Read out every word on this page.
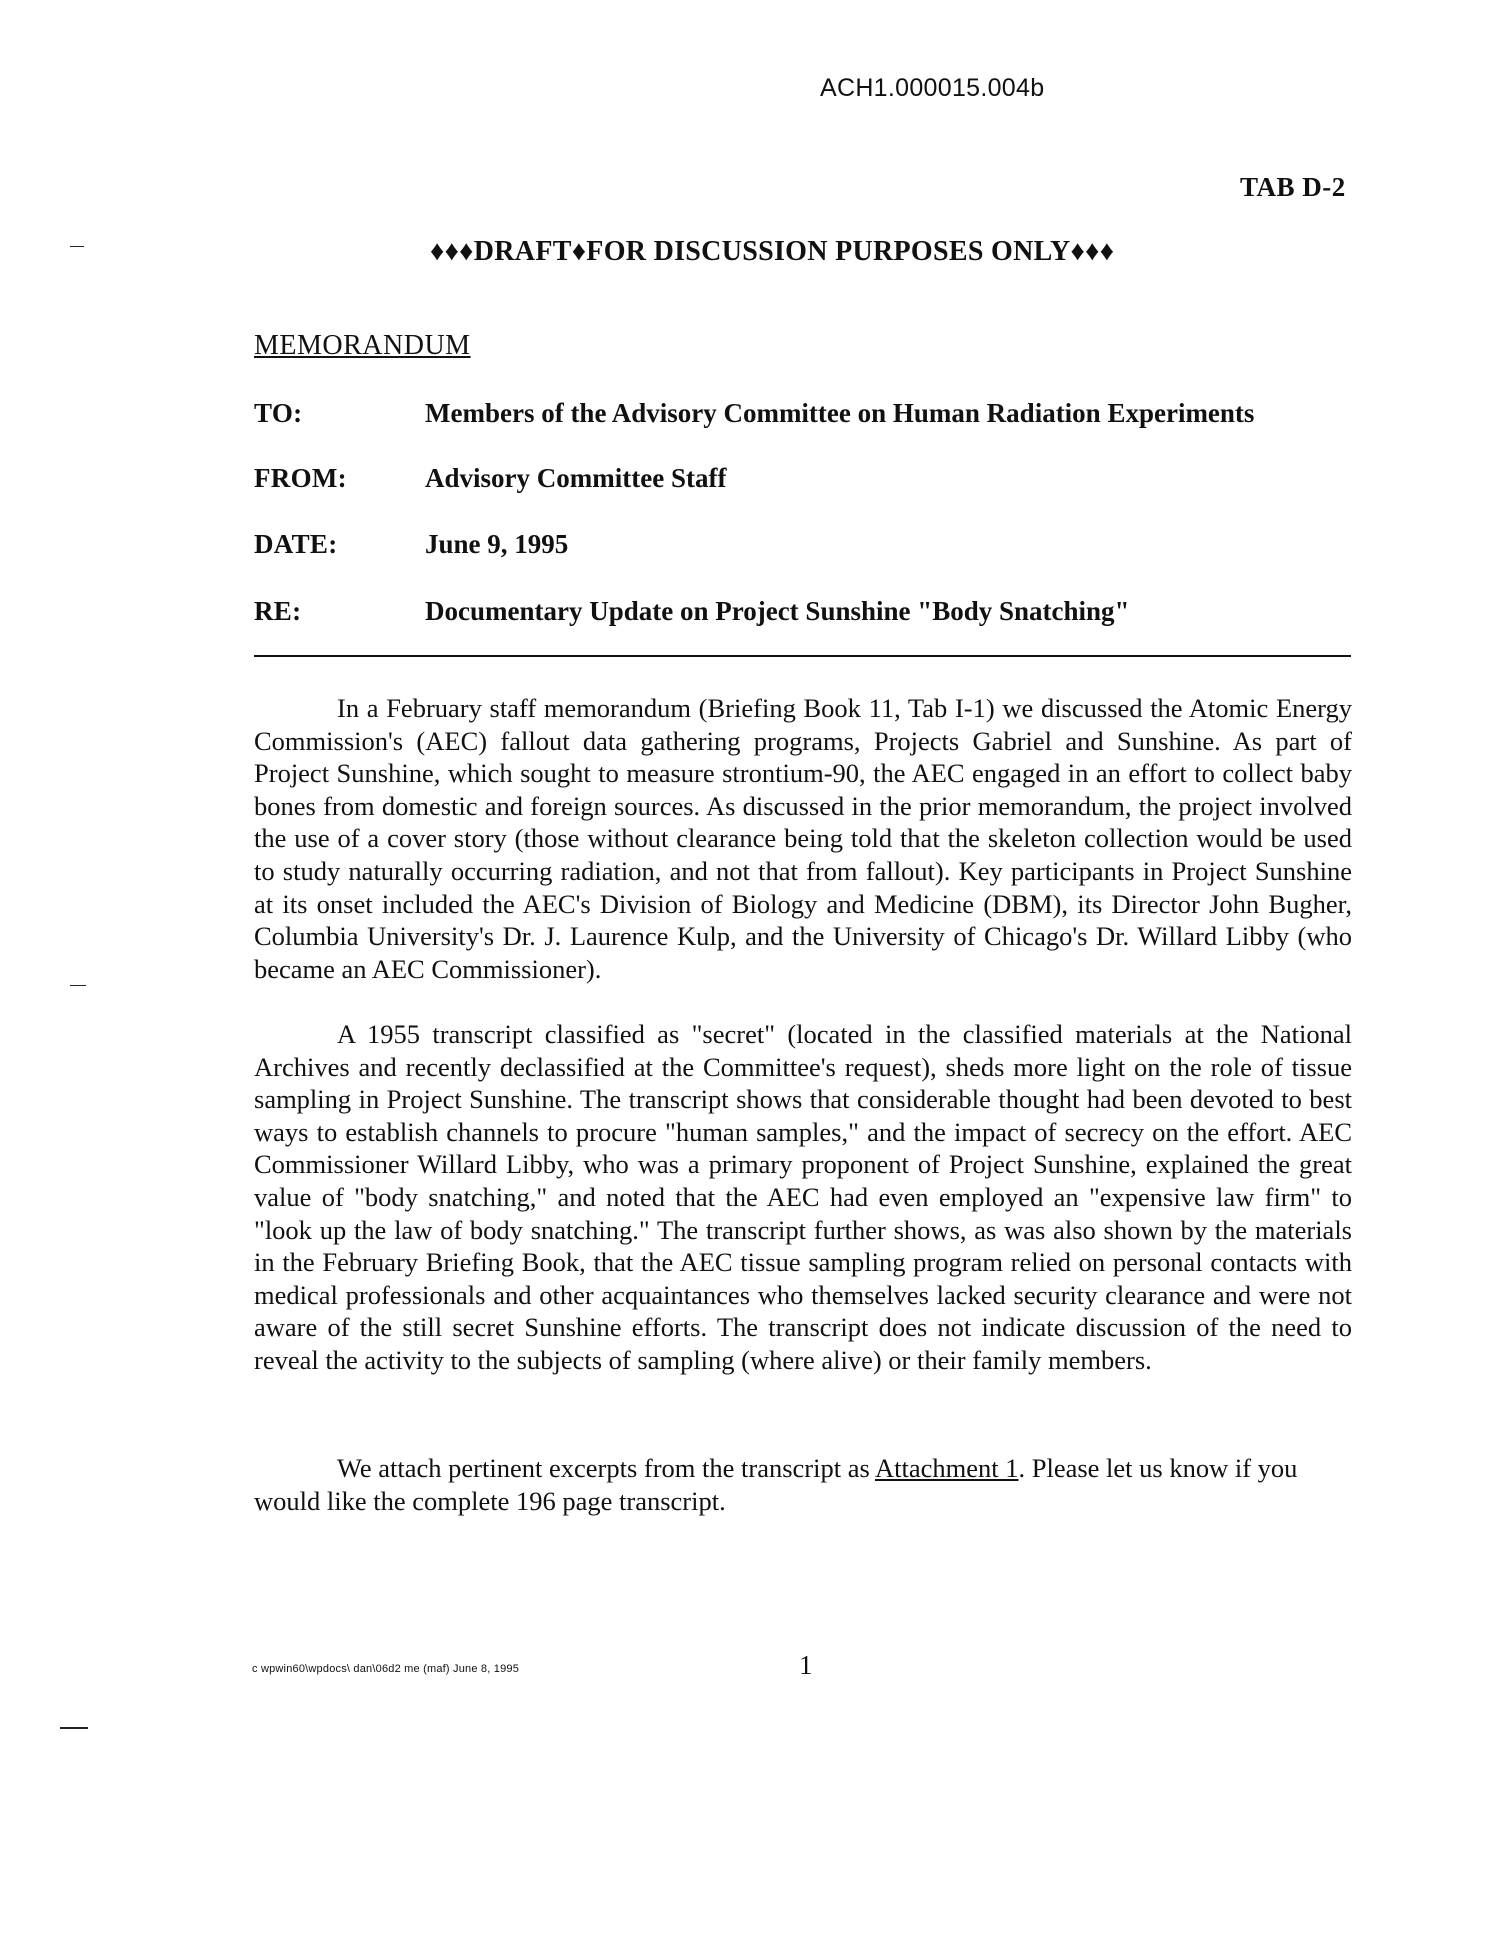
ACH1.000015.004b
TAB D-2
♦♦♦DRAFT♦FOR DISCUSSION PURPOSES ONLY♦♦♦
MEMORANDUM
TO:	Members of the Advisory Committee on Human Radiation Experiments
FROM:	Advisory Committee Staff
DATE:	June 9, 1995
RE:	Documentary Update on Project Sunshine "Body Snatching"

In a February staff memorandum (Briefing Book 11, Tab I-1) we discussed the Atomic Energy Commission's (AEC) fallout data gathering programs, Projects Gabriel and Sunshine. As part of Project Sunshine, which sought to measure strontium-90, the AEC engaged in an effort to collect baby bones from domestic and foreign sources. As discussed in the prior memorandum, the project involved the use of a cover story (those without clearance being told that the skeleton collection would be used to study naturally occurring radiation, and not that from fallout). Key participants in Project Sunshine at its onset included the AEC's Division of Biology and Medicine (DBM), its Director John Bugher, Columbia University's Dr. J. Laurence Kulp, and the University of Chicago's Dr. Willard Libby (who became an AEC Commissioner).

A 1955 transcript classified as "secret" (located in the classified materials at the National Archives and recently declassified at the Committee's request), sheds more light on the role of tissue sampling in Project Sunshine. The transcript shows that considerable thought had been devoted to best ways to establish channels to procure "human samples," and the impact of secrecy on the effort. AEC Commissioner Willard Libby, who was a primary proponent of Project Sunshine, explained the great value of "body snatching," and noted that the AEC had even employed an "expensive law firm" to "look up the law of body snatching." The transcript further shows, as was also shown by the materials in the February Briefing Book, that the AEC tissue sampling program relied on personal contacts with medical professionals and other acquaintances who themselves lacked security clearance and were not aware of the still secret Sunshine efforts. The transcript does not indicate discussion of the need to reveal the activity to the subjects of sampling (where alive) or their family members.

We attach pertinent excerpts from the transcript as Attachment 1. Please let us know if you would like the complete 196 page transcript.

c wpwin60\wpdocs\ dan\06d2 me (maf) June 8, 1995	1
